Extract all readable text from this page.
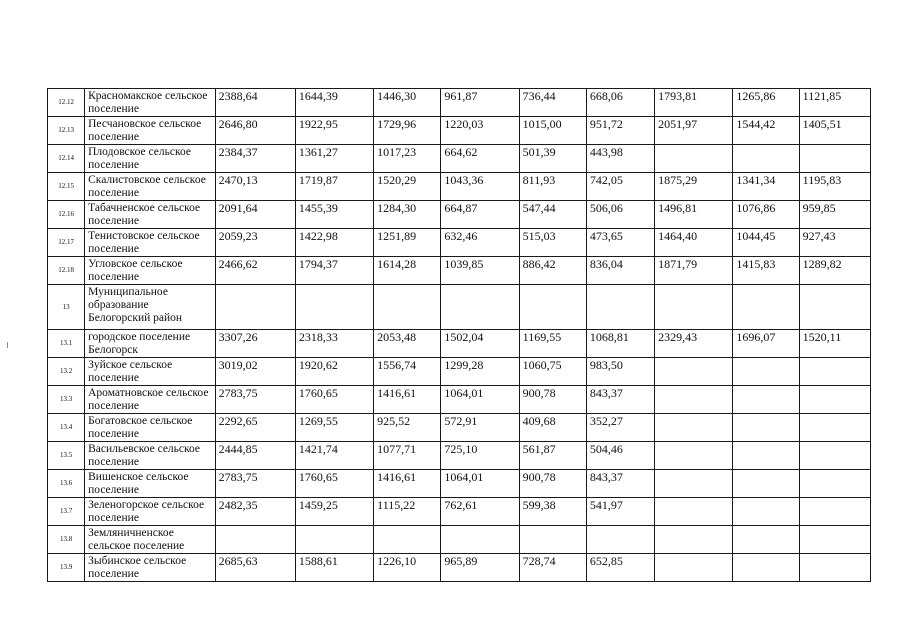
12.12	Красномакское сельское поселение	2388,64	1644,39	1446,30	961,87	736,44	668,06	1793,81	1265,86	1121,85
12.13	Песчановское сельское поселение	2646,80	1922,95	1729,96	1220,03	1015,00	951,72	2051,97	1544,42	1405,51
12.14	Плодовское сельское поселение	2384,37	1361,27	1017,23	664,62	501,39	443,98			
12.15	Скалистовское сельское поселение	2470,13	1719,87	1520,29	1043,36	811,93	742,05	1875,29	1341,34	1195,83
12.16	Табачненское сельское поселение	2091,64	1455,39	1284,30	664,87	547,44	506,06	1496,81	1076,86	959,85
12.17	Тенистовское сельское поселение	2059,23	1422,98	1251,89	632,46	515,03	473,65	1464,40	1044,45	927,43
12.18	Угловское сельское поселение	2466,62	1794,37	1614,28	1039,85	886,42	836,04	1871,79	1415,83	1289,82
13	Муниципальное образование Белогорский район									
13.1	городское поселение Белогорск	3307,26	2318,33	2053,48	1502,04	1169,55	1068,81	2329,43	1696,07	1520,11
13.2	Зуйское сельское поселение	3019,02	1920,62	1556,74	1299,28	1060,75	983,50			
13.3	Ароматновское сельское поселение	2783,75	1760,65	1416,61	1064,01	900,78	843,37			
13.4	Богатовское сельское поселение	2292,65	1269,55	925,52	572,91	409,68	352,27			
13.5	Васильевское сельское поселение	2444,85	1421,74	1077,71	725,10	561,87	504,46			
13.6	Вишенское сельское поселение	2783,75	1760,65	1416,61	1064,01	900,78	843,37			
13.7	Зеленогорское сельское поселение	2482,35	1459,25	1115,22	762,61	599,38	541,97			
13.8	Земляничненское сельское поселение									
13.9	Зыбинское сельское поселение	2685,63	1588,61	1226,10	965,89	728,74	652,85			
